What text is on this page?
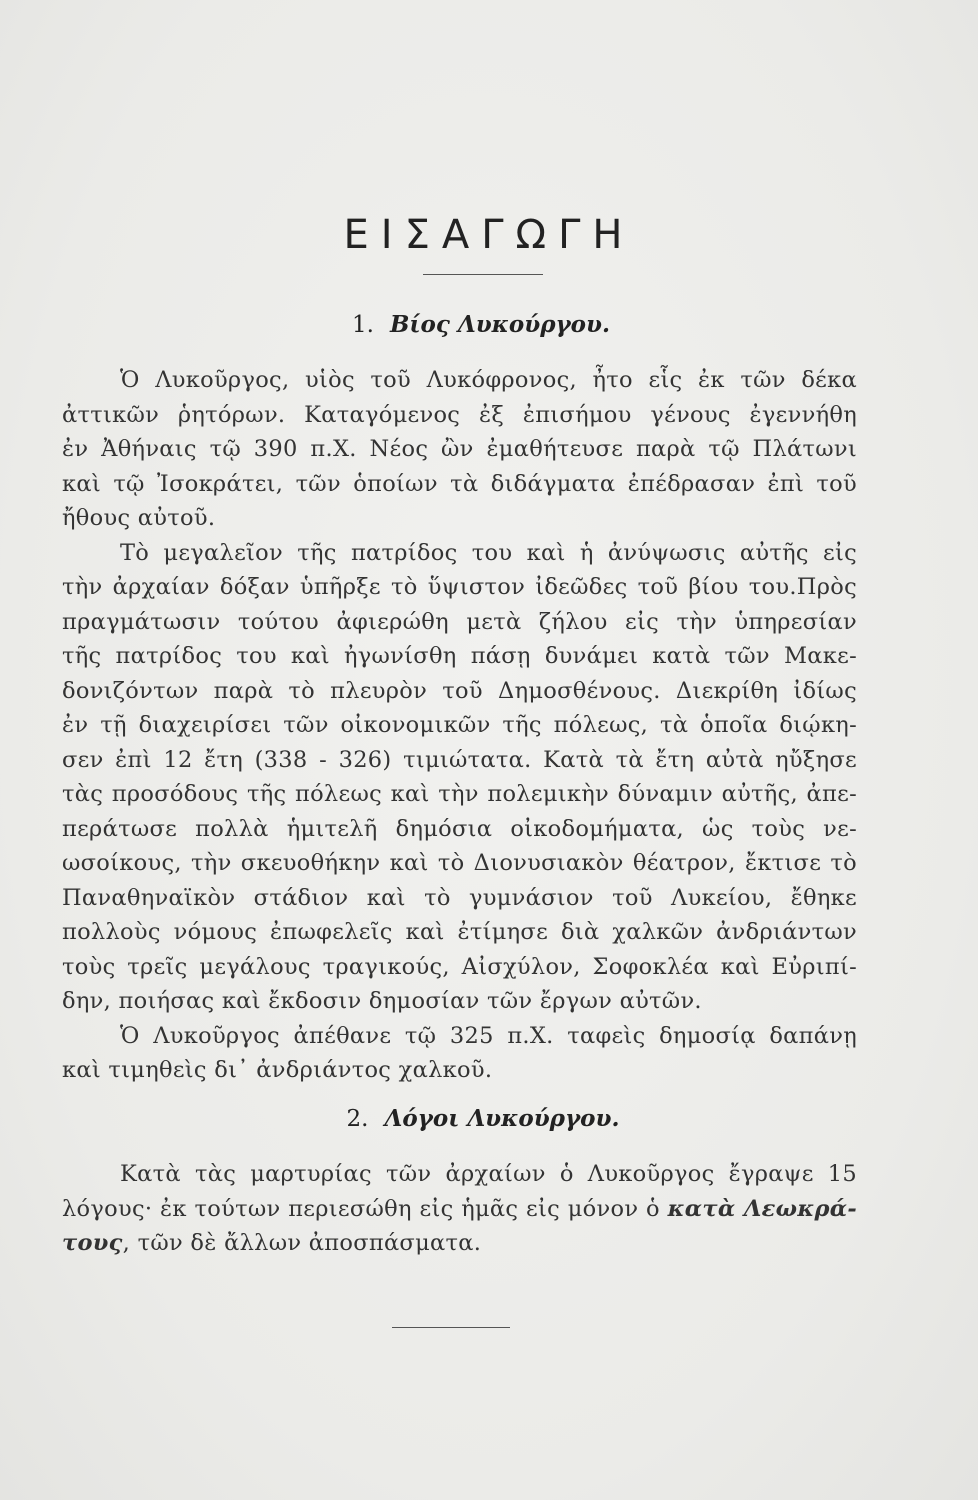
ΕΙΣΑΓΩΓΗ
1. Βίος Λυκούργου.
Ὁ Λυκοῦργος, υἱὸς τοῦ Λυκόφρονος, ἦτο εἷς ἐκ τῶν δέκα
ἀττικῶν ῥητόρων. Καταγόμενος ἐξ ἐπισήμου γένους ἐγεννήθη
ἐν Ἀθήναις τῷ 390 π.Χ. Νέος ὢν ἐμαθήτευσε παρὰ τῷ Πλάτωνι
καὶ τῷ Ἰσοκράτει, τῶν ὁποίων τὰ διδάγματα ἐπέδρασαν ἐπὶ τοῦ
ἤθους αὐτοῦ.
Τὸ μεγαλεῖον τῆς πατρίδος του καὶ ἡ ἀνύψωσις αὐτῆς εἰς
τὴν ἀρχαίαν δόξαν ὑπῆρξε τὸ ὕψιστον ἰδεῶδες τοῦ βίου του.Πρὸς
πραγμάτωσιν τούτου ἀφιερώθη μετὰ ζήλου εἰς τὴν ὑπηρεσίαν
τῆς πατρίδος του καὶ ἠγωνίσθη πάσῃ δυνάμει κατὰ τῶν Μακε-
δονιζόντων παρὰ τὸ πλευρὸν τοῦ Δημοσθένους. Διεκρίθη ἰδίως
ἐν τῇ διαχειρίσει τῶν οἰκονομικῶν τῆς πόλεως, τὰ ὁποῖα διῴκη-
σεν ἐπὶ 12 ἔτη (338 - 326) τιμιώτατα. Κατὰ τὰ ἔτη αὐτὰ ηὔξησε
τὰς προσόδους τῆς πόλεως καὶ τὴν πολεμικὴν δύναμιν αὐτῆς, ἀπε-
περάτωσε πολλὰ ἡμιτελῆ δημόσια οἰκοδομήματα, ὡς τοὺς νε-
ωσοίκους, τὴν σκευοθήκην καὶ τὸ Διονυσιακὸν θέατρον, ἔκτισε τὸ
Παναθηναϊκὸν στάδιον καὶ τὸ γυμνάσιον τοῦ Λυκείου, ἔθηκε
πολλοὺς νόμους ἐπωφελεῖς καὶ ἐτίμησε διὰ χαλκῶν ἀνδριάντων
τοὺς τρεῖς μεγάλους τραγικούς, Αἰσχύλον, Σοφοκλέα καὶ Εὐριπί-
δην, ποιήσας καὶ ἔκδοσιν δημοσίαν τῶν ἔργων αὐτῶν.
Ὁ Λυκοῦργος ἀπέθανε τῷ 325 π.Χ. ταφεὶς δημοσίᾳ δαπάνῃ
καὶ τιμηθεὶς δι᾽ ἀνδριάντος χαλκοῦ.
2. Λόγοι Λυκούργου.
Κατὰ τὰς μαρτυρίας τῶν ἀρχαίων ὁ Λυκοῦργος ἔγραψε 15
λόγους· ἐκ τούτων περιεσώθη εἰς ἡμᾶς εἰς μόνον ὁ κατὰ Λεωκρά-
τους, τῶν δὲ ἄλλων ἀποσπάσματα.
